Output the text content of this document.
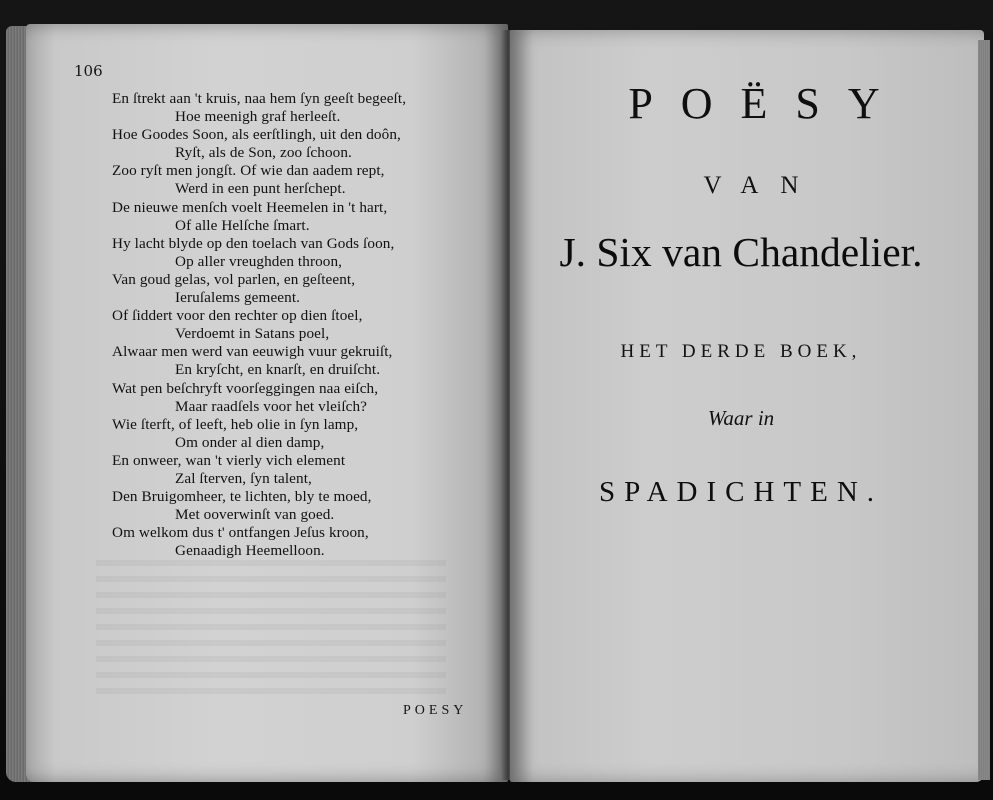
106

En ſtrekt aan 't kruis, naa hem ſyn geeſt begeeſt,
Hoe meenigh graf herleeſt.
Hoe Goodes Soon, als eerſtlingh, uit den doôn,
Ryſt, als de Son, zoo ſchoon.
Zoo ryſt men jongſt. Of wie dan aadem rept,
Werd in een punt herſchept.
De nieuwe menſch voelt Heemelen in 't hart,
Of alle Helſche ſmart.
Hy lacht blyde op den toelach van Gods ſoon,
Op aller vreughden throon,
Van goud gelas, vol parlen, en geſteent,
Ieruſalems gemeent.
Of ſiddert voor den rechter op dien ſtoel,
Verdoemt in Satans poel,
Alwaar men werd van eeuwigh vuur gekruiſt,
En kryſcht, en knarſt, en druiſcht.
Wat pen beſchryft voorſeggingen naa eiſch,
Maar raadſels voor het vleiſch?
Wie ſterft, of leeft, heb olie in ſyn lamp,
Om onder al dien damp,
En onweer, wan 't vierly vich element
Zal ſterven, ſyn talent,
Den Bruigomheer, te lichten, bly te moed,
Met ooverwinſt van goed.
Om welkom dus t' ontfangen Jeſus kroon,
Genaadigh Heemelloon.
POESY
POËSY
VAN
J. Six van Chandelier.
HET DERDE BOEK,
Waar in
SPADICHTEN.
